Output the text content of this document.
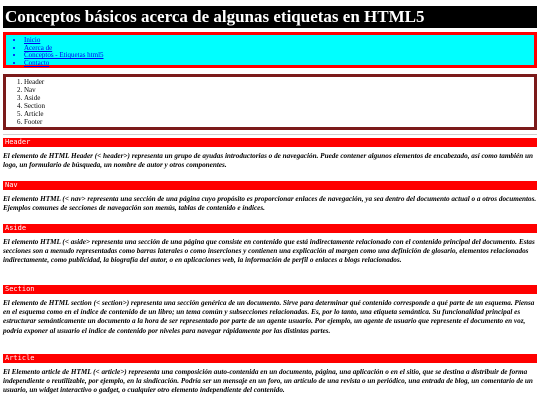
Conceptos básicos acerca de algunas etiquetas en HTML5
• Inicio
• Acerca de
• Conceptos - Etiquetas html5
• Contacto
1. Header
2. Nav
3. Aside
4. Section
5. Article
6. Footer
Header
El elemento de HTML Header (< header>) representa un grupo de ayudas introductorias o de navegación. Puede contener algunos elementos de encabezado, así como también un logo, un formulario de búsqueda, un nombre de autor y otros componentes.
Nav
El elemento HTML (< nav> representa una sección de una página cuyo propósito es proporcionar enlaces de navegación, ya sea dentro del documento actual o a otros documentos. Ejemplos comunes de secciones de navegación son menús, tablas de contenido e índices.
Aside
El elemento HTML (< aside> representa una sección de una página que consiste en contenido que está indirectamente relacionado con el contenido principal del documento. Estas secciones son a menudo representadas como barras laterales o como inserciones y contienen una explicación al margen como una definición de glosario, elementos relacionados indirectamente, como publicidad, la biografía del autor, o en aplicaciones web, la información de perfil o enlaces a blogs relacionados.
Section
El elemento de HTML section (< section>) representa una sección genérica de un documento. Sirve para determinar qué contenido corresponde a qué parte de un esquema. Piensa en el esquema como en el índice de contenido de un libro; un tema común y subsecciones relacionadas. Es, por lo tanto, una etiqueta semántica. Su funcionalidad principal es estructurar semánticamente un documento a la hora de ser representado por parte de un agente usuario. Por ejemplo, un agente de usuario que represente el documento en voz, podría exponer al usuario el índice de contenido por niveles para navegar rápidamente por las distintas partes.
Article
El Elemento article de HTML (< article>) representa una composición auto-contenida en un documento, página, una aplicación o en el sitio, que se destina a distribuir de forma independiente o reutilizable, por ejemplo, en la sindicación. Podría ser un mensaje en un foro, un artículo de una revista o un periódico, una entrada de blog, un comentario de un usuario, un widget interactivo o gadget, o cualquier otro elemento independiente del contenido.
